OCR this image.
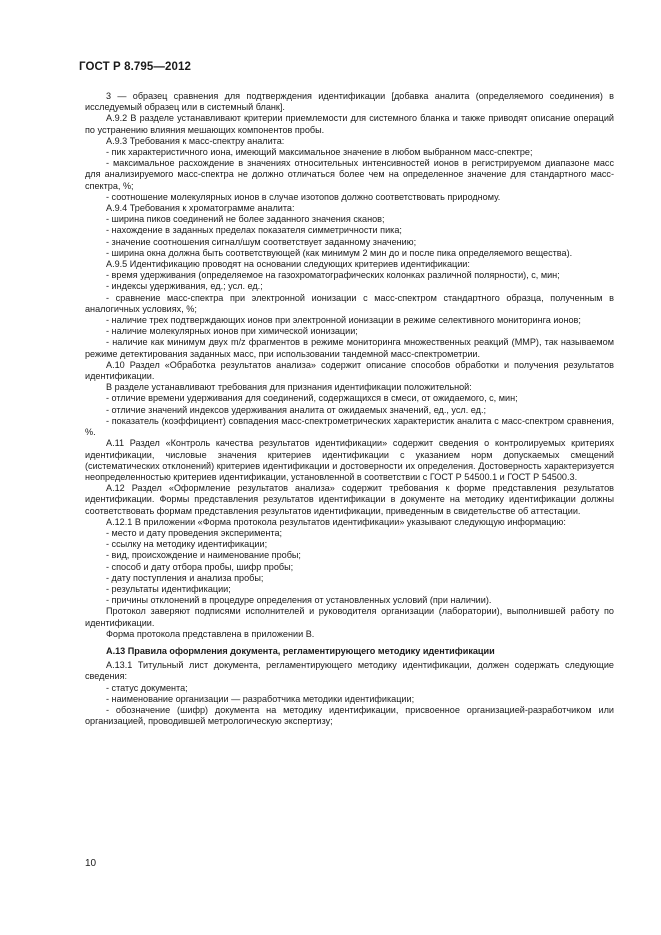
ГОСТ Р 8.795—2012

3 — образец сравнения для подтверждения идентификации [добавка аналита (определяемого соединения) в исследуемый образец или в системный бланк].

А.9.2 В разделе устанавливают критерии приемлемости для системного бланка и также приводят описание операций по устранению влияния мешающих компонентов пробы.

А.9.3 Требования к масс-спектру аналита:

- пик характеристичного иона, имеющий максимальное значение в любом выбранном масс-спектре;

- максимальное расхождение в значениях относительных интенсивностей ионов в регистрируемом диапазоне масс для анализируемого масс-спектра не должно отличаться более чем на определенное значение для стандартного масс-спектра, %;

- соотношение молекулярных ионов в случае изотопов должно соответствовать природному.

А.9.4 Требования к хроматограмме аналита:

- ширина пиков соединений не более заданного значения сканов;

- нахождение в заданных пределах показателя симметричности пика;

- значение соотношения сигнал/шум соответствует заданному значению;

- ширина окна должна быть соответствующей (как минимум 2 мин до и после пика определяемого вещества).

А.9.5 Идентификацию проводят на основании следующих критериев идентификации:

- время удерживания (определяемое на газохроматографических колонках различной полярности), с, мин;

- индексы удерживания, ед.; усл. ед.;

- сравнение масс-спектра при электронной ионизации с масс-спектром стандартного образца, полученным в аналогичных условиях, %;

- наличие трех подтверждающих ионов при электронной ионизации в режиме селективного мониторинга ионов;

- наличие молекулярных ионов при химической ионизации;

- наличие как минимум двух m/z фрагментов в режиме мониторинга множественных реакций (ММР), так называемом режиме детектирования заданных масс, при использовании тандемной масс-спектрометрии.

А.10 Раздел «Обработка результатов анализа» содержит описание способов обработки и получения результатов идентификации.

В разделе устанавливают требования для признания идентификации положительной:

- отличие времени удерживания для соединений, содержащихся в смеси, от ожидаемого, с, мин;

- отличие значений индексов удерживания аналита от ожидаемых значений, ед., усл. ед.;

- показатель (коэффициент) совпадения масс-спектрометрических характеристик аналита с масс-спектром сравнения, %.

А.11 Раздел «Контроль качества результатов идентификации» содержит сведения о контролируемых критериях идентификации, числовые значения критериев идентификации с указанием норм допускаемых смещений (систематических отклонений) критериев идентификации и достоверности их определения. Достоверность характеризуется неопределенностью критериев идентификации, установленной в соответствии с ГОСТ Р 54500.1 и ГОСТ Р 54500.3.

А.12 Раздел «Оформление результатов анализа» содержит требования к форме представления результатов идентификации. Формы представления результатов идентификации в документе на методику идентификации должны соответствовать формам представления результатов идентификации, приведенным в свидетельстве об аттестации.

А.12.1 В приложении «Форма протокола результатов идентификации» указывают следующую информацию:

- место и дату проведения эксперимента;

- ссылку на методику идентификации;

- вид, происхождение и наименование пробы;

- способ и дату отбора пробы, шифр пробы;

- дату поступления и анализа пробы;

- результаты идентификации;

- причины отклонений в процедуре определения от установленных условий (при наличии).

Протокол заверяют подписями исполнителей и руководителя организации (лаборатории), выполнившей работу по идентификации.

Форма протокола представлена в приложении В.

А.13 Правила оформления документа, регламентирующего методику идентификации

А.13.1 Титульный лист документа, регламентирующего методику идентификации, должен содержать следующие сведения:

- статус документа;

- наименование организации — разработчика методики идентификации;

- обозначение (шифр) документа на методику идентификации, присвоенное организацией-разработчиком или организацией, проводившей метрологическую экспертизу;

10
